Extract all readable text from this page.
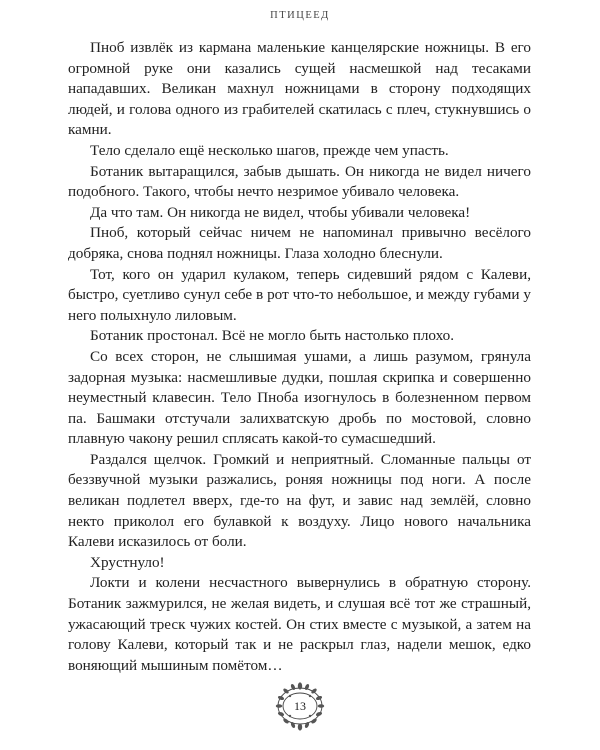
ПТИЦЕЕД

Пноб извлёк из кармана маленькие канцелярские ножницы. В его огромной руке они казались сущей насмешкой над тесаками нападавших. Великан махнул ножницами в сторону подходящих людей, и голова одного из грабителей скатилась с плеч, стукнувшись о камни.

Тело сделало ещё несколько шагов, прежде чем упасть.

Ботаник вытаращился, забыв дышать. Он никогда не видел ничего подобного. Такого, чтобы нечто незримое убивало человека.

Да что там. Он никогда не видел, чтобы убивали человека!

Пноб, который сейчас ничем не напоминал привычно весёлого добряка, снова поднял ножницы. Глаза холодно блеснули.

Тот, кого он ударил кулаком, теперь сидевший рядом с Калеви, быстро, суетливо сунул себе в рот что-то небольшое, и между губами у него полыхнуло лиловым.

Ботаник простонал. Всё не могло быть настолько плохо.

Со всех сторон, не слышимая ушами, а лишь разумом, грянула задорная музыка: насмешливые дудки, пошлая скрипка и совершенно неуместный клавесин. Тело Пноба изогнулось в болезненном первом па. Башмаки отстучали залихватскую дробь по мостовой, словно плавную чакону решил сплясать какой-то сумасшедший.

Раздался щелчок. Громкий и неприятный. Сломанные пальцы от беззвучной музыки разжались, роняя ножницы под ноги. А после великан подлетел вверх, где-то на фут, и завис над землёй, словно некто приколол его булавкой к воздуху. Лицо нового начальника Калеви исказилось от боли.

Хрустнуло!

Локти и колени несчастного вывернулись в обратную сторону. Ботаник зажмурился, не желая видеть, и слушая всё тот же страшный, ужасающий треск чужих костей. Он стих вместе с музыкой, а затем на голову Калеви, который так и не раскрыл глаз, надели мешок, едко воняющий мышиным помётом…

13
